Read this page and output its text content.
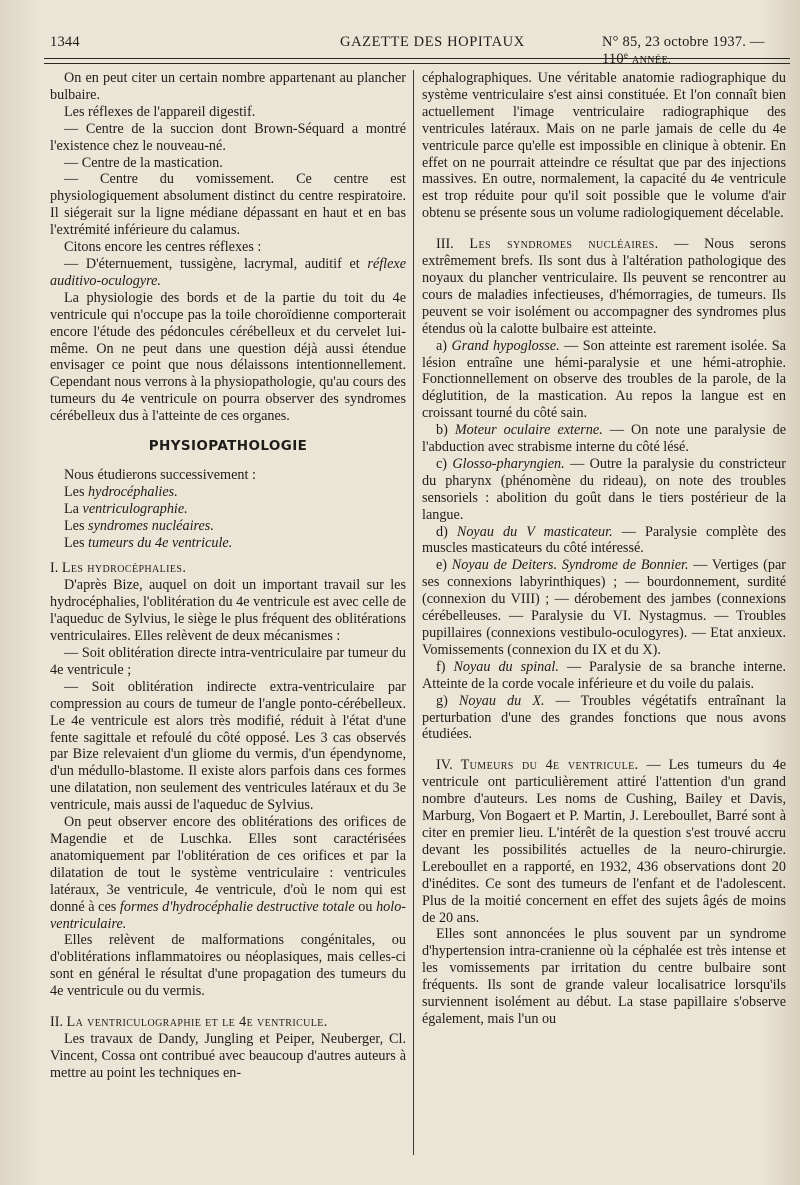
1344	GAZETTE DES HOPITAUX	N° 85, 23 octobre 1937. — 110e ANNÉE.

On en peut citer un certain nombre appartenant au plancher bulbaire.

Les réflexes de l'appareil digestif.

— Centre de la succion dont Brown-Séquard a montré l'existence chez le nouveau-né.

— Centre de la mastication.

— Centre du vomissement. Ce centre est physiologiquement absolument distinct du centre respiratoire. Il siégerait sur la ligne médiane dépassant en haut et en bas l'extrémité inférieure du calamus.

Citons encore les centres réflexes :

— D'éternuement, tussigène, lacrymal, auditif et réflexe auditivo-oculogyre.

La physiologie des bords et de la partie du toit du 4e ventricule qui n'occupe pas la toile choroïdienne comporterait encore l'étude des pédoncules cérébelleux et du cervelet lui-même. On ne peut dans une question déjà aussi étendue envisager ce point que nous délaissons intentionnellement. Cependant nous verrons à la physiopathologie, qu'au cours des tumeurs du 4e ventricule on pourra observer des syndromes cérébelleux dus à l'atteinte de ces organes.

PHYSIOPATHOLOGIE

Nous étudierons successivement :

Les hydrocéphalies.

La ventriculographie.

Les syndromes nucléaires.

Les tumeurs du 4e ventricule.

I. Les hydrocéphalies.

D'après Bize, auquel on doit un important travail sur les hydrocéphalies, l'oblitération du 4e ventricule est avec celle de l'aqueduc de Sylvius, le siège le plus fréquent des oblitérations ventriculaires. Elles relèvent de deux mécanismes :

— Soit oblitération directe intra-ventriculaire par tumeur du 4e ventricule ;

— Soit oblitération indirecte extra-ventriculaire par compression au cours de tumeur de l'angle ponto-cérébelleux. Le 4e ventricule est alors très modifié, réduit à l'état d'une fente sagittale et refoulé du côté opposé. Les 3 cas observés par Bize relevaient d'un gliome du vermis, d'un épendynome, d'un médullo-blastome. Il existe alors parfois dans ces formes une dilatation, non seulement des ventricules latéraux et du 3e ventricule, mais aussi de l'aqueduc de Sylvius.

On peut observer encore des oblitérations des orifices de Magendie et de Luschka. Elles sont caractérisées anatomiquement par l'oblitération de ces orifices et par la dilatation de tout le système ventriculaire : ventricules latéraux, 3e ventricule, 4e ventricule, d'où le nom qui est donné à ces formes d'hydrocéphalie destructive totale ou holo-ventriculaire.

Elles relèvent de malformations congénitales, ou d'oblitérations inflammatoires ou néoplasiques, mais celles-ci sont en général le résultat d'une propagation des tumeurs du 4e ventricule ou du vermis.

II. La ventriculographie et le 4e ventricule.

Les travaux de Dandy, Jungling et Peiper, Neuberger, Cl. Vincent, Cossa ont contribué avec beaucoup d'autres auteurs à mettre au point les techniques en-

céphalographiques. Une véritable anatomie radiographique du système ventriculaire s'est ainsi constituée. Et l'on connaît bien actuellement l'image ventriculaire radiographique des ventricules latéraux. Mais on ne parle jamais de celle du 4e ventricule parce qu'elle est impossible en clinique à obtenir. En effet on ne pourrait atteindre ce résultat que par des injections massives. En outre, normalement, la capacité du 4e ventricule est trop réduite pour qu'il soit possible que le volume d'air obtenu se présente sous un volume radiologiquement décelable.

III. Les syndromes nucléaires. — Nous serons extrêmement brefs. Ils sont dus à l'altération pathologique des noyaux du plancher ventriculaire. Ils peuvent se rencontrer au cours de maladies infectieuses, d'hémorragies, de tumeurs. Ils peuvent se voir isolément ou accompagner des syndromes plus étendus où la calotte bulbaire est atteinte.

a) Grand hypoglosse. — Son atteinte est rarement isolée. Sa lésion entraîne une hémi-paralysie et une hémi-atrophie. Fonctionnellement on observe des troubles de la parole, de la déglutition, de la mastication. Au repos la langue est en croissant tourné du côté sain.

b) Moteur oculaire externe. — On note une paralysie de l'abduction avec strabisme interne du côté lésé.

c) Glosso-pharyngien. — Outre la paralysie du constricteur du pharynx (phénomène du rideau), on note des troubles sensoriels : abolition du goût dans le tiers postérieur de la langue.

d) Noyau du V masticateur. — Paralysie complète des muscles masticateurs du côté intéressé.

e) Noyau de Deiters. Syndrome de Bonnier. — Vertiges (par ses connexions labyrinthiques) ; — bourdonnement, surdité (connexion du VIII) ; — dérobement des jambes (connexions cérébelleuses. — Paralysie du VI. Nystagmus. — Troubles pupillaires (connexions vestibulo-oculogyres). — Etat anxieux. Vomissements (connexion du IX et du X).

f) Noyau du spinal. — Paralysie de sa branche interne. Atteinte de la corde vocale inférieure et du voile du palais.

g) Noyau du X. — Troubles végétatifs entraînant la perturbation d'une des grandes fonctions que nous avons étudiées.

IV. Tumeurs du 4e ventricule. — Les tumeurs du 4e ventricule ont particulièrement attiré l'attention d'un grand nombre d'auteurs. Les noms de Cushing, Bailey et Davis, Marburg, Von Bogaert et P. Martin, J. Lereboullet, Barré sont à citer en premier lieu. L'intérêt de la question s'est trouvé accru devant les possibilités actuelles de la neuro-chirurgie. Lereboullet en a rapporté, en 1932, 436 observations dont 20 d'inédites. Ce sont des tumeurs de l'enfant et de l'adolescent. Plus de la moitié concernent en effet des sujets âgés de moins de 20 ans.

Elles sont annoncées le plus souvent par un syndrome d'hypertension intra-cranienne où la céphalée est très intense et les vomissements par irritation du centre bulbaire sont fréquents. Ils sont de grande valeur localisatrice lorsqu'ils surviennent isolément au début. La stase papillaire s'observe également, mais l'un ou
